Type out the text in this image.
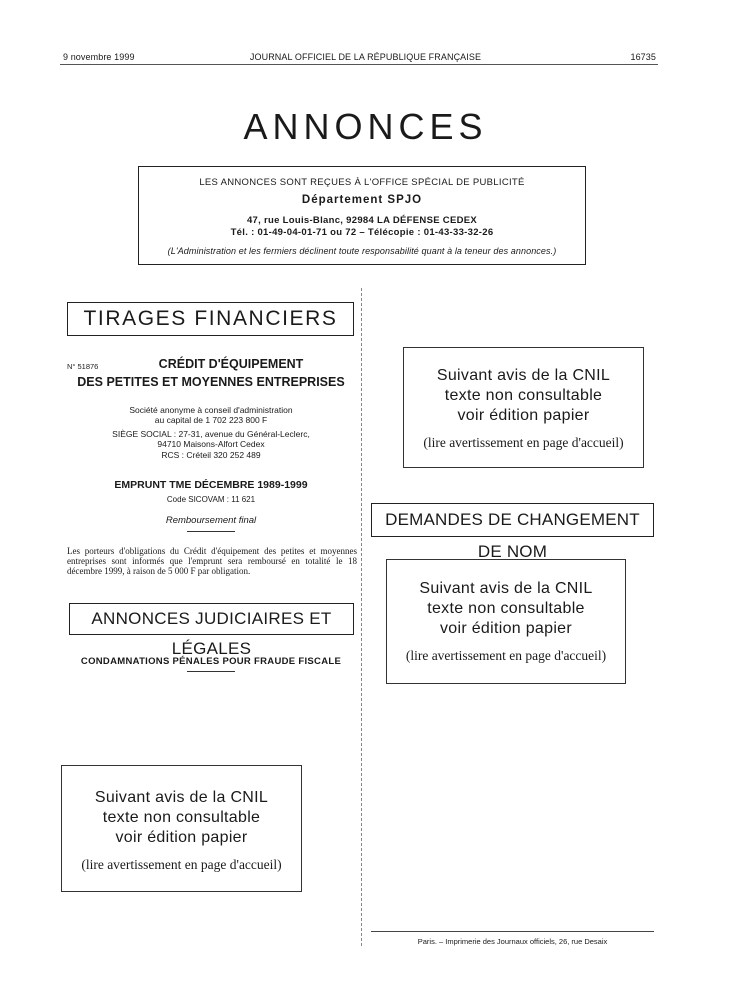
9 novembre 1999	JOURNAL OFFICIEL DE LA RÉPUBLIQUE FRANÇAISE	16735
ANNONCES
LES ANNONCES SONT REÇUES À L'OFFICE SPÉCIAL DE PUBLICITÉ
Département SPJO
47, rue Louis-Blanc, 92984 LA DÉFENSE CEDEX
Tél. : 01-49-04-01-71 ou 72 – Télécopie : 01-43-33-32-26
(L'Administration et les fermiers déclinent toute responsabilité quant à la teneur des annonces.)
TIRAGES FINANCIERS
N° 51876	CRÉDIT D'ÉQUIPEMENT
DES PETITES ET MOYENNES ENTREPRISES
Société anonyme à conseil d'administration
au capital de 1 702 223 800 F
SIÈGE SOCIAL : 27-31, avenue du Général-Leclerc,
94710 Maisons-Alfort Cedex
RCS : Créteil 320 252 489
EMPRUNT TME DÉCEMBRE 1989-1999
Code SICOVAM : 11 621
Remboursement final
Les porteurs d'obligations du Crédit d'équipement des petites et moyennes entreprises sont informés que l'emprunt sera remboursé en totalité le 18 décembre 1999, à raison de 5 000 F par obligation.
ANNONCES JUDICIAIRES ET LÉGALES
CONDAMNATIONS PÉNALES POUR FRAUDE FISCALE
Suivant avis de la CNIL
texte non consultable
voir édition papier
(lire avertissement en page d'accueil)
Suivant avis de la CNIL
texte non consultable
voir édition papier
(lire avertissement en page d'accueil)
DEMANDES DE CHANGEMENT DE NOM
Suivant avis de la CNIL
texte non consultable
voir édition papier
(lire avertissement en page d'accueil)
Paris. – Imprimerie des Journaux officiels, 26, rue Desaix
